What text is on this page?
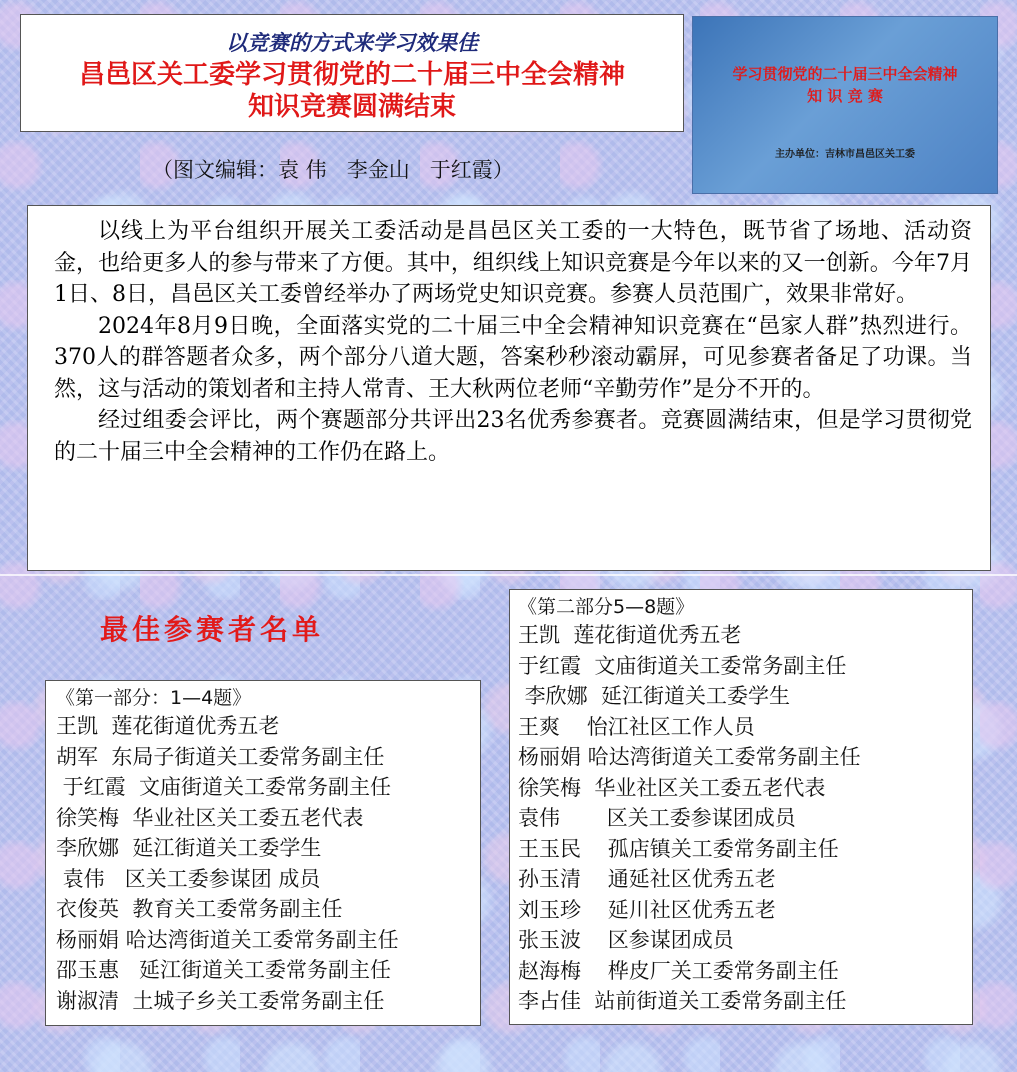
以竞赛的方式来学习效果佳
昌邑区关工委学习贯彻党的二十届三中全会精神
知识竞赛圆满结束
（图文编辑：袁 伟   李金山   于红霞）
学习贯彻党的二十届三中全会精神
知 识 竞 赛
主办单位：吉林市昌邑区关工委

以线上为平台组织开展关工委活动是昌邑区关工委的一大特色，既节省了场地、活动资金，也给更多人的参与带来了方便。其中，组织线上知识竞赛是今年以来的又一创新。今年7月1日、8日，昌邑区关工委曾经举办了两场党史知识竞赛。参赛人员范围广，效果非常好。

2024年8月9日晚，全面落实党的二十届三中全会精神知识竞赛在“邑家人群”热烈进行。370人的群答题者众多，两个部分八道大题，答案秒秒滚动霸屏，可见参赛者备足了功课。当然，这与活动的策划者和主持人常青、王大秋两位老师“辛勤劳作”是分不开的。

经过组委会评比，两个赛题部分共评出23名优秀参赛者。竞赛圆满结束，但是学习贯彻党的二十届三中全会精神的工作仍在路上。

最佳参赛者名单
《第一部分：1—4题》
王凯  莲花街道优秀五老
胡军  东局子街道关工委常务副主任
于红霞  文庙街道关工委常务副主任
徐笑梅  华业社区关工委五老代表
李欣娜  延江街道关工委学生
袁伟   区关工委参谋团 成员
衣俊英  教育关工委常务副主任
杨丽娟 哈达湾街道关工委常务副主任
邵玉惠   延江街道关工委常务副主任
谢淑清  土城子乡关工委常务副主任
《第二部分5—8题》
王凯  莲花街道优秀五老
于红霞  文庙街道关工委常务副主任
李欣娜  延江街道关工委学生
王爽    怡江社区工作人员
杨丽娟 哈达湾街道关工委常务副主任
徐笑梅  华业社区关工委五老代表
袁伟       区关工委参谋团成员
王玉民    孤店镇关工委常务副主任
孙玉清    通延社区优秀五老
刘玉珍    延川社区优秀五老
张玉波    区参谋团成员
赵海梅    桦皮厂关工委常务副主任
李占佳  站前街道关工委常务副主任
